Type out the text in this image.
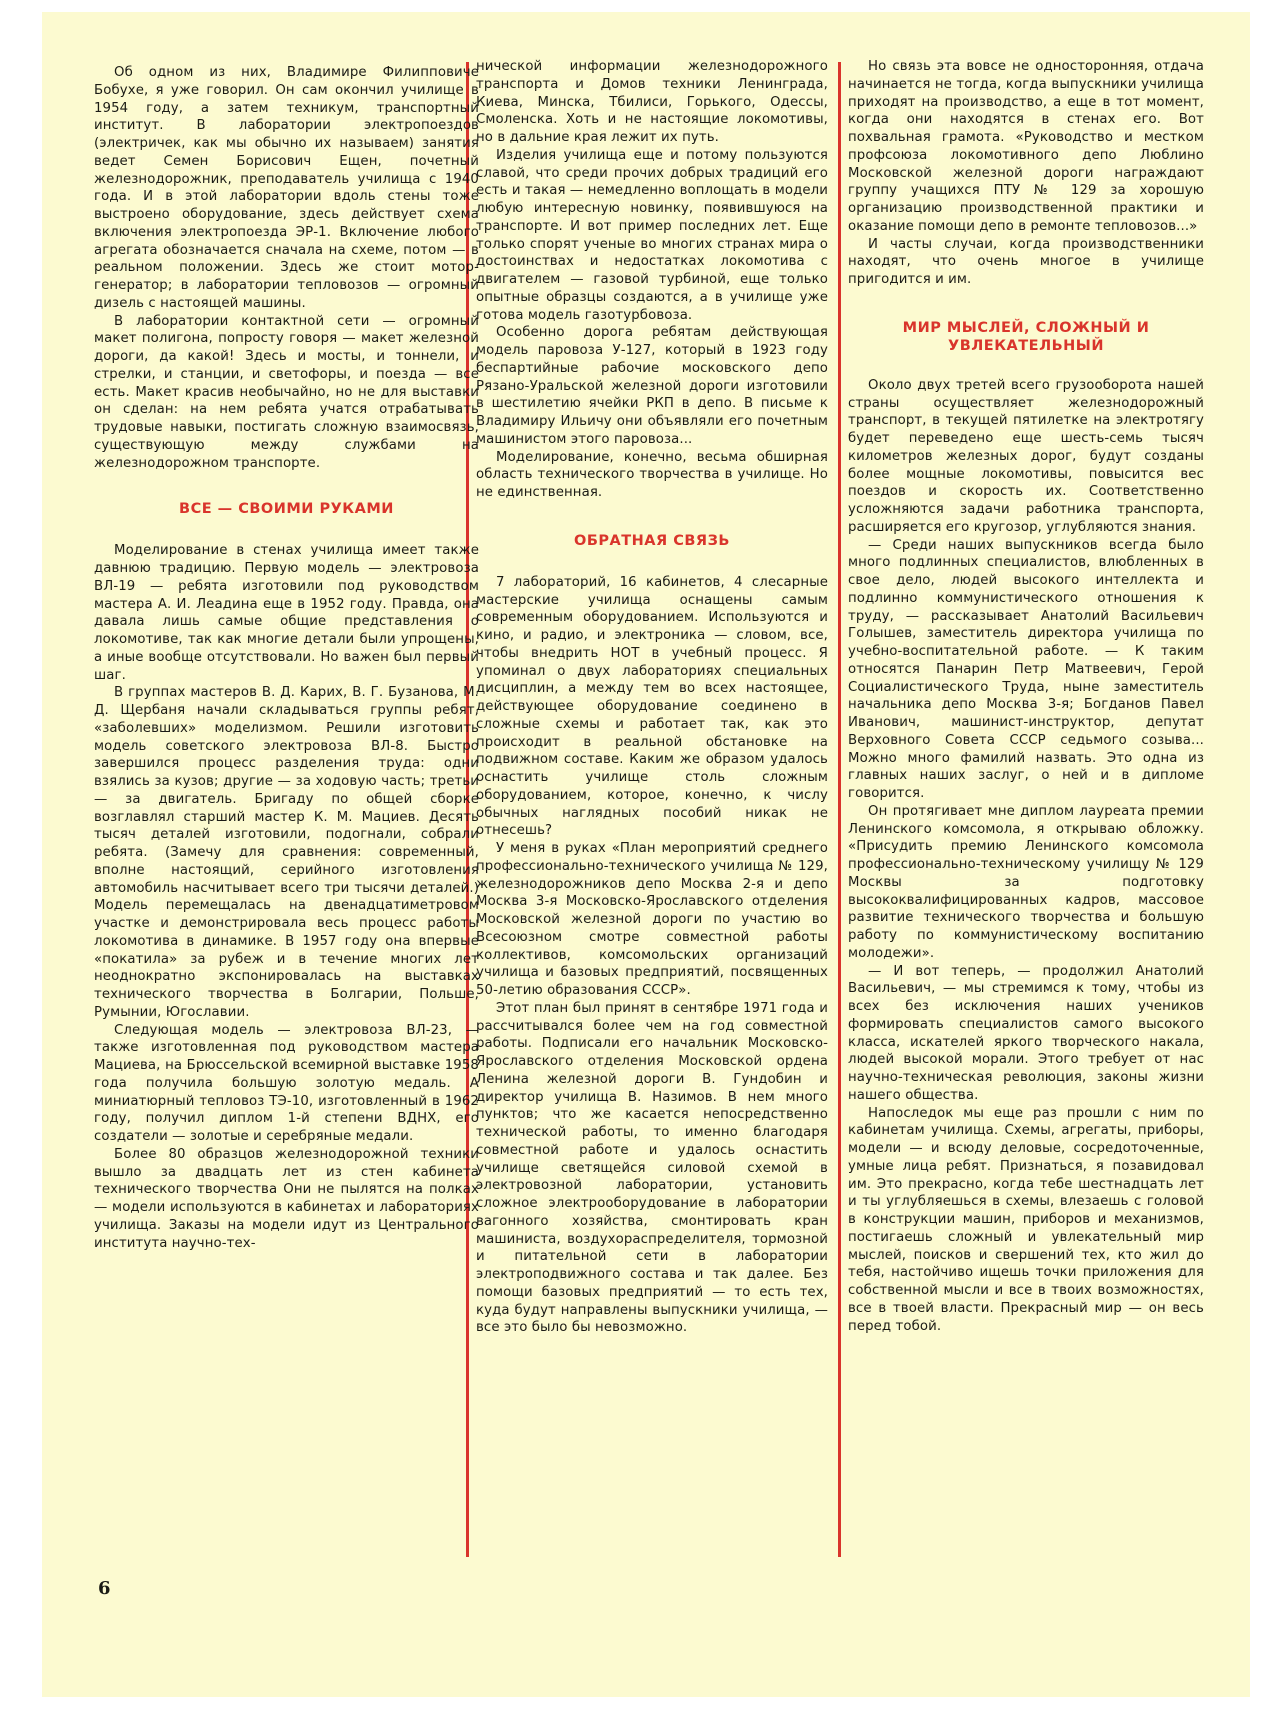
Об одном из них, Владимире Филипповиче Бобухе, я уже говорил. Он сам окончил училище в 1954 году, а затем техникум, транспортный институт. В лаборатории электропоездов (электричек, как мы обычно их называем) занятия ведет Семен Борисович Ещен, почетный железнодорожник, преподаватель училища с 1940 года. И в этой лаборатории вдоль стены тоже выстроено оборудование, здесь действует схема включения электропоезда ЭР-1. Включение любого агрегата обозначается сначала на схеме, потом — в реальном положении. Здесь же стоит мотор-генератор; в лаборатории тепловозов — огромный дизель с настоящей машины.

В лаборатории контактной сети — огромный макет полигона, попросту говоря — макет железной дороги, да какой! Здесь и мосты, и тоннели, и стрелки, и станции, и светофоры, и поезда — все есть. Макет красив необычайно, но не для выставки он сделан: на нем ребята учатся отрабатывать трудовые навыки, постигать сложную взаимосвязь, существующую между службами на железнодорожном транспорте.

ВСЕ — СВОИМИ РУКАМИ

Моделирование в стенах училища имеет также давнюю традицию. Первую модель — электровоза ВЛ-19 — ребята изготовили под руководством мастера А. И. Леадина еще в 1952 году. Правда, она давала лишь самые общие представления о локомотиве, так как многие детали были упрощены, а иные вообще отсутствовали. Но важен был первый шаг.

В группах мастеров В. Д. Карих, В. Г. Бузанова, М. Д. Щербаня начали складываться группы ребят, «заболевших» моделизмом. Решили изготовить модель советского электровоза ВЛ-8. Быстро завершился процесс разделения труда: одни взялись за кузов; другие — за ходовую часть; третьи — за двигатель. Бригаду по общей сборке возглавлял старший мастер К. М. Мациев. Десять тысяч деталей изготовили, подогнали, собрали ребята. (Замечу для сравнения: современный, вполне настоящий, серийного изготовления автомобиль насчитывает всего три тысячи деталей.) Модель перемещалась на двенадцатиметровом участке и демонстрировала весь процесс работы локомотива в динамике. В 1957 году она впервые «покатила» за рубеж и в течение многих лет неоднократно экспонировалась на выставках технического творчества в Болгарии, Польше, Румынии, Югославии.

Следующая модель — электровоза ВЛ-23, — также изготовленная под руководством мастера Мациева, на Брюссельской всемирной выставке 1958 года получила большую золотую медаль. А миниатюрный тепловоз ТЭ-10, изготовленный в 1962 году, получил диплом 1-й степени ВДНХ, его создатели — золотые и серебряные медали.

Более 80 образцов железнодорожной техники вышло за двадцать лет из стен кабинета технического творчества Они не пылятся на полках — модели используются в кабинетах и лабораториях училища. Заказы на модели идут из Центрального института научно-тех-

нической информации железнодорожного транспорта и Домов техники Ленинграда, Киева, Минска, Тбилиси, Горького, Одессы, Смоленска. Хоть и не настоящие локомотивы, но в дальние края лежит их путь.

Изделия училища еще и потому пользуются славой, что среди прочих добрых традиций его есть и такая — немедленно воплощать в модели любую интересную новинку, появившуюся на транспорте. И вот пример последних лет. Еще только спорят ученые во многих странах мира о достоинствах и недостатках локомотива с двигателем — газовой турбиной, еще только опытные образцы создаются, а в училище уже готова модель газотурбовоза.

Особенно дорога ребятам действующая модель паровоза У-127, который в 1923 году беспартийные рабочие московского депо Рязано-Уральской железной дороги изготовили в шестилетию ячейки РКП в депо. В письме к Владимиру Ильичу они объявляли его почетным машинистом этого паровоза...

Моделирование, конечно, весьма обширная область технического творчества в училище. Но не единственная.

ОБРАТНАЯ СВЯЗЬ

7 лабораторий, 16 кабинетов, 4 слесарные мастерские училища оснащены самым современным оборудованием. Используются и кино, и радио, и электроника — словом, все, чтобы внедрить НОТ в учебный процесс. Я упоминал о двух лабораториях специальных дисциплин, а между тем во всех настоящее, действующее оборудование соединено в сложные схемы и работает так, как это происходит в реальной обстановке на подвижном составе. Каким же образом удалось оснастить училище столь сложным оборудованием, которое, конечно, к числу обычных наглядных пособий никак не отнесешь?

У меня в руках «План мероприятий среднего профессионально-технического училища № 129, железнодорожников депо Москва 2-я и депо Москва 3-я Московско-Ярославского отделения Московской железной дороги по участию во Всесоюзном смотре совместной работы коллективов, комсомольских организаций училища и базовых предприятий, посвященных 50-летию образования СССР».

Этот план был принят в сентябре 1971 года и рассчитывался более чем на год совместной работы. Подписали его начальник Московско-Ярославского отделения Московской ордена Ленина железной дороги В. Гундобин и директор училища В. Назимов. В нем много пунктов; что же касается непосредственно технической работы, то именно благодаря совместной работе и удалось оснастить училище светящейся силовой схемой в электровозной лаборатории, установить сложное электрооборудование в лаборатории вагонного хозяйства, смонтировать кран машиниста, воздухораспределителя, тормозной и питательной сети в лаборатории электроподвижного состава и так далее. Без помощи базовых предприятий — то есть тех, куда будут направлены выпускники училища, — все это было бы невозможно.

Но связь эта вовсе не односторонняя, отдача начинается не тогда, когда выпускники училища приходят на производство, а еще в тот момент, когда они находятся в стенах его. Вот похвальная грамота. «Руководство и местком профсоюза локомотивного депо Люблино Московской железной дороги награждают группу учащихся ПТУ № 129 за хорошую организацию производственной практики и оказание помощи депо в ремонте тепловозов...»

И часты случаи, когда производственники находят, что очень многое в училище пригодится и им.

МИР МЫСЛЕЙ, СЛОЖНЫЙ И
УВЛЕКАТЕЛЬНЫЙ

Около двух третей всего грузооборота нашей страны осуществляет железнодорожный транспорт, в текущей пятилетке на электротягу будет переведено еще шесть-семь тысяч километров железных дорог, будут созданы более мощные локомотивы, повысится вес поездов и скорость их. Соответственно усложняются задачи работника транспорта, расширяется его кругозор, углубляются знания.

— Среди наших выпускников всегда было много подлинных специалистов, влюбленных в свое дело, людей высокого интеллекта и подлинно коммунистического отношения к труду, — рассказывает Анатолий Васильевич Голышев, заместитель директора училища по учебно-воспитательной работе. — К таким относятся Панарин Петр Матвеевич, Герой Социалистического Труда, ныне заместитель начальника депо Москва 3-я; Богданов Павел Иванович, машинист-инструктор, депутат Верховного Совета СССР седьмого созыва... Можно много фамилий назвать. Это одна из главных наших заслуг, о ней и в дипломе говорится.

Он протягивает мне диплом лауреата премии Ленинского комсомола, я открываю обложку. «Присудить премию Ленинского комсомола профессионально-техническому училищу № 129 Москвы за подготовку высококвалифицированных кадров, массовое развитие технического творчества и большую работу по коммунистическому воспитанию молодежи».

— И вот теперь, — продолжил Анатолий Васильевич, — мы стремимся к тому, чтобы из всех без исключения наших учеников формировать специалистов самого высокого класса, искателей яркого творческого накала, людей высокой морали. Этого требует от нас научно-техническая революция, законы жизни нашего общества.

Напоследок мы еще раз прошли с ним по кабинетам училища. Схемы, агрегаты, приборы, модели — и всюду деловые, сосредоточенные, умные лица ребят. Признаться, я позавидовал им. Это прекрасно, когда тебе шестнадцать лет и ты углубляешься в схемы, влезаешь с головой в конструкции машин, приборов и механизмов, постигаешь сложный и увлекательный мир мыслей, поисков и свершений тех, кто жил до тебя, настойчиво ищешь точки приложения для собственной мысли и все в твоих возможностях, все в твоей власти. Прекрасный мир — он весь перед тобой.

6
